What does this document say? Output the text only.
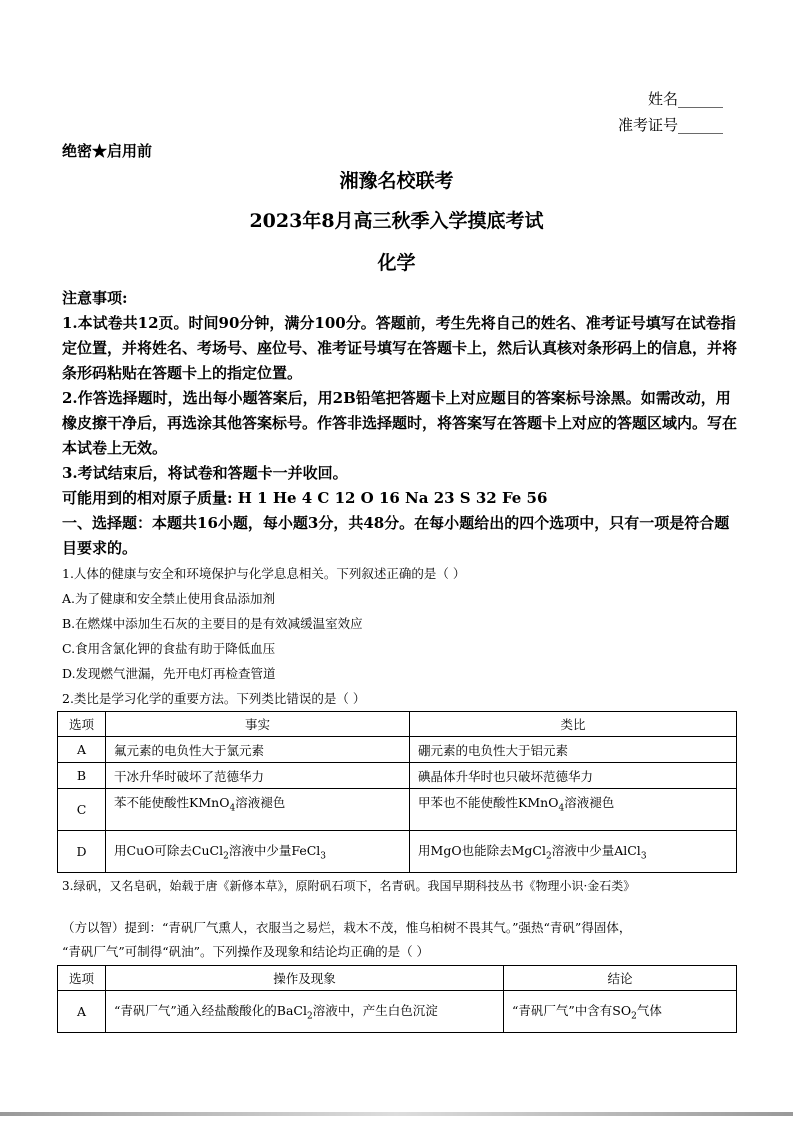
姓名______
准考证号______
绝密★启用前
湘豫名校联考
2023年8月高三秋季入学摸底考试
化学
注意事项:
1.本试卷共12页。时间90分钟，满分100分。答题前，考生先将自己的姓名、准考证号填写在试卷指定位置，并将姓名、考场号、座位号、准考证号填写在答题卡上，然后认真核对条形码上的信息，并将条形码粘贴在答题卡上的指定位置。
2.作答选择题时，选出每小题答案后，用2B铅笔把答题卡上对应题目的答案标号涂黑。如需改动，用橡皮擦干净后，再选涂其他答案标号。作答非选择题时，将答案写在答题卡上对应的答题区域内。写在本试卷上无效。
3.考试结束后，将试卷和答题卡一并收回。
可能用到的相对原子质量: H 1 He 4 C 12 O 16 Na 23 S 32 Fe 56
一、选择题：本题共16小题，每小题3分，共48分。在每小题给出的四个选项中，只有一项是符合题目要求的。
1.人体的健康与安全和环境保护与化学息息相关。下列叙述正确的是（ ）
A.为了健康和安全禁止使用食品添加剂
B.在燃煤中添加生石灰的主要目的是有效减缓温室效应
C.食用含氯化钾的食盐有助于降低血压
D.发现燃气泄漏，先开电灯再检查管道
2.类比是学习化学的重要方法。下列类比错误的是（ ）
选项	事实	类比
A	氟元素的电负性大于氯元素	硼元素的电负性大于铝元素
B	干冰升华时破坏了范德华力	碘晶体升华时也只破坏范德华力
C	苯不能使酸性KMnO$_4$溶液褪色	甲苯也不能使酸性KMnO$_4$溶液褪色
D	用CuO可除去CuCl$_2$溶液中少量FeCl$_3$	用MgO也能除去MgCl$_2$溶液中少量AlCl$_3$
3.绿矾，又名皂矾，始载于唐《新修本草》，原附矾石项下，名青矾。我国早期科技丛书《物理小识·金石类》
（方以智）提到：“青矾厂气熏人，衣服当之易烂，栽木不茂，惟乌桕树不畏其气。”强热“青矾”得固体，
“青矾厂气”可制得“矾油”。下列操作及现象和结论均正确的是（ ）
选项	操作及现象	结论
A	“青矾厂气”通入经盐酸酸化的BaCl$_2$溶液中，产生白色沉淀	“青矾厂气”中含有$SO_2$气体
